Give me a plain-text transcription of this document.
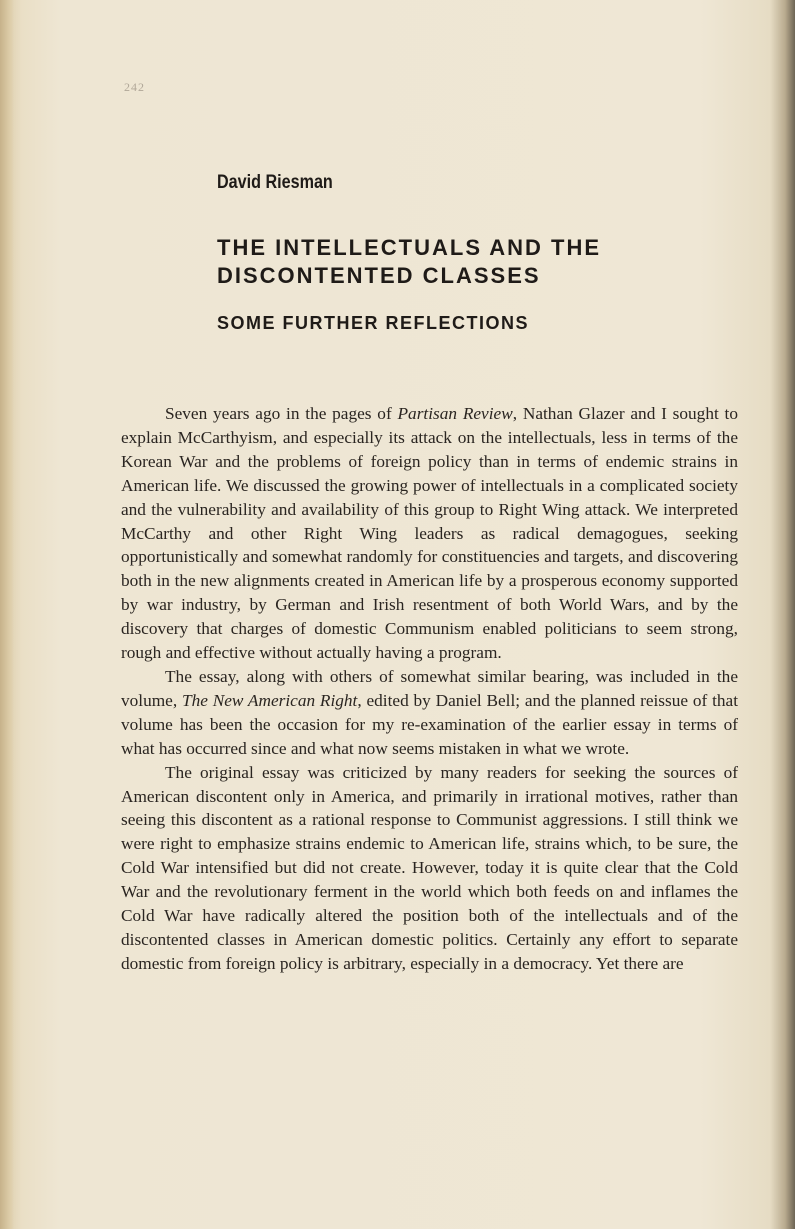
242
David Riesman
THE INTELLECTUALS AND THE
DISCONTENTED CLASSES
SOME FURTHER REFLECTIONS

Seven years ago in the pages of Partisan Review, Nathan Glazer and I sought to explain McCarthyism, and especially its attack on the intellectuals, less in terms of the Korean War and the problems of foreign policy than in terms of endemic strains in American life. We discussed the growing power of intellectuals in a complicated society and the vulnerability and availability of this group to Right Wing attack. We interpreted McCarthy and other Right Wing leaders as radical demagogues, seeking opportunistically and somewhat randomly for constituencies and targets, and discovering both in the new alignments created in American life by a prosperous economy supported by war industry, by German and Irish resentment of both World Wars, and by the discovery that charges of domestic Communism enabled politicians to seem strong, rough and effective without actually having a program.

The essay, along with others of somewhat similar bearing, was included in the volume, The New American Right, edited by Daniel Bell; and the planned reissue of that volume has been the occasion for my re-examination of the earlier essay in terms of what has occurred since and what now seems mistaken in what we wrote.

The original essay was criticized by many readers for seeking the sources of American discontent only in America, and primarily in irrational motives, rather than seeing this discontent as a rational response to Communist aggressions. I still think we were right to emphasize strains endemic to American life, strains which, to be sure, the Cold War intensified but did not create. However, today it is quite clear that the Cold War and the revolutionary ferment in the world which both feeds on and inflames the Cold War have radically altered the position both of the intellectuals and of the discontented classes in American domestic politics. Certainly any effort to separate domestic from foreign policy is arbitrary, especially in a democracy. Yet there are
